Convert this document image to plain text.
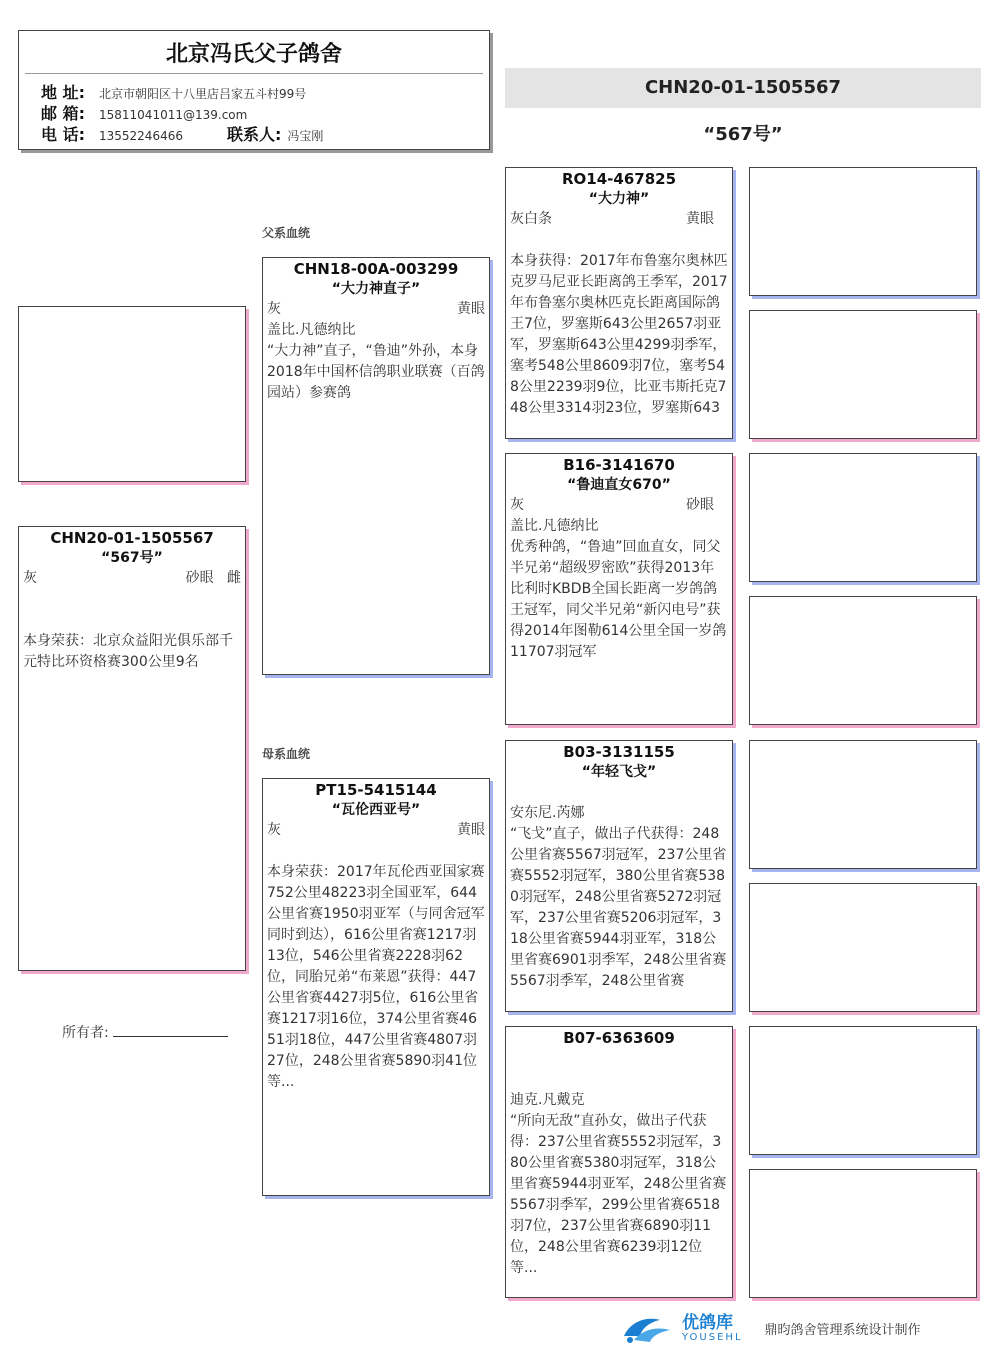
北京冯氏父子鸽舍
地 址:	北京市朝阳区十八里店吕家五斗村99号
邮 箱:	15811041011@139.com
电 话:	13552246466	联系人: 冯宝刚
CHN20-01-1505567
“567号”
CHN20-01-1505567
“567号”
灰	砂眼 雌
本身荣获：北京众益阳光俱乐部千元特比环资格赛300公里9名
所有者:
父系血统
母系血统
CHN18-00A-003299
“大力神直子”
灰	黄眼
盖比.凡德纳比
“大力神”直子，“鲁迪”外孙，本身2018年中国杯信鸽职业联赛（百鸽园站）参赛鸽
PT15-5415144
“瓦伦西亚号”
灰	黄眼
本身荣获：2017年瓦伦西亚国家赛752公里48223羽全国亚军，644公里省赛1950羽亚军（与同舍冠军同时到达），616公里省赛1217羽13位，546公里省赛2228羽62位，同胎兄弟“布莱恩”获得：447公里省赛4427羽5位，616公里省赛1217羽16位，374公里省赛4651羽18位，447公里省赛4807羽27位，248公里省赛5890羽41位等...
RO14-467825
“大力神”
灰白条	黄眼
本身获得：2017年布鲁塞尔奥林匹克罗马尼亚长距离鸽王季军，2017年布鲁塞尔奥林匹克长距离国际鸽王7位，罗塞斯643公里2657羽亚军，罗塞斯643公里4299羽季军，塞考548公里8609羽7位，塞考548公里2239羽9位，比亚韦斯托克748公里3314羽23位，罗塞斯643
B16-3141670
“鲁迪直女670”
灰	砂眼
盖比.凡德纳比
优秀种鸽，“鲁迪”回血直女，同父半兄弟“超级罗密欧”获得2013年比利时KBDB全国长距离一岁鸽鸽王冠军，同父半兄弟“新闪电号”获得2014年图勒614公里全国一岁鸽11707羽冠军
B03-3131155
“年轻飞戈”
安东尼.芮娜
“飞戈”直子，做出子代获得：248公里省赛5567羽冠军，237公里省赛5552羽冠军，380公里省赛5380羽冠军，248公里省赛5272羽冠军，237公里省赛5206羽冠军，318公里省赛5944羽亚军，318公里省赛6901羽季军，248公里省赛5567羽季军，248公里省赛
B07-6363609
迪克.凡戴克
“所向无敌”直孙女，做出子代获得：237公里省赛5552羽冠军，380公里省赛5380羽冠军，318公里省赛5944羽亚军，248公里省赛5567羽季军，299公里省赛6518羽7位，237公里省赛6890羽11位，248公里省赛6239羽12位 等...
优鸽库
YOUSEHL 鼎昀鸽舍管理系统设计制作
